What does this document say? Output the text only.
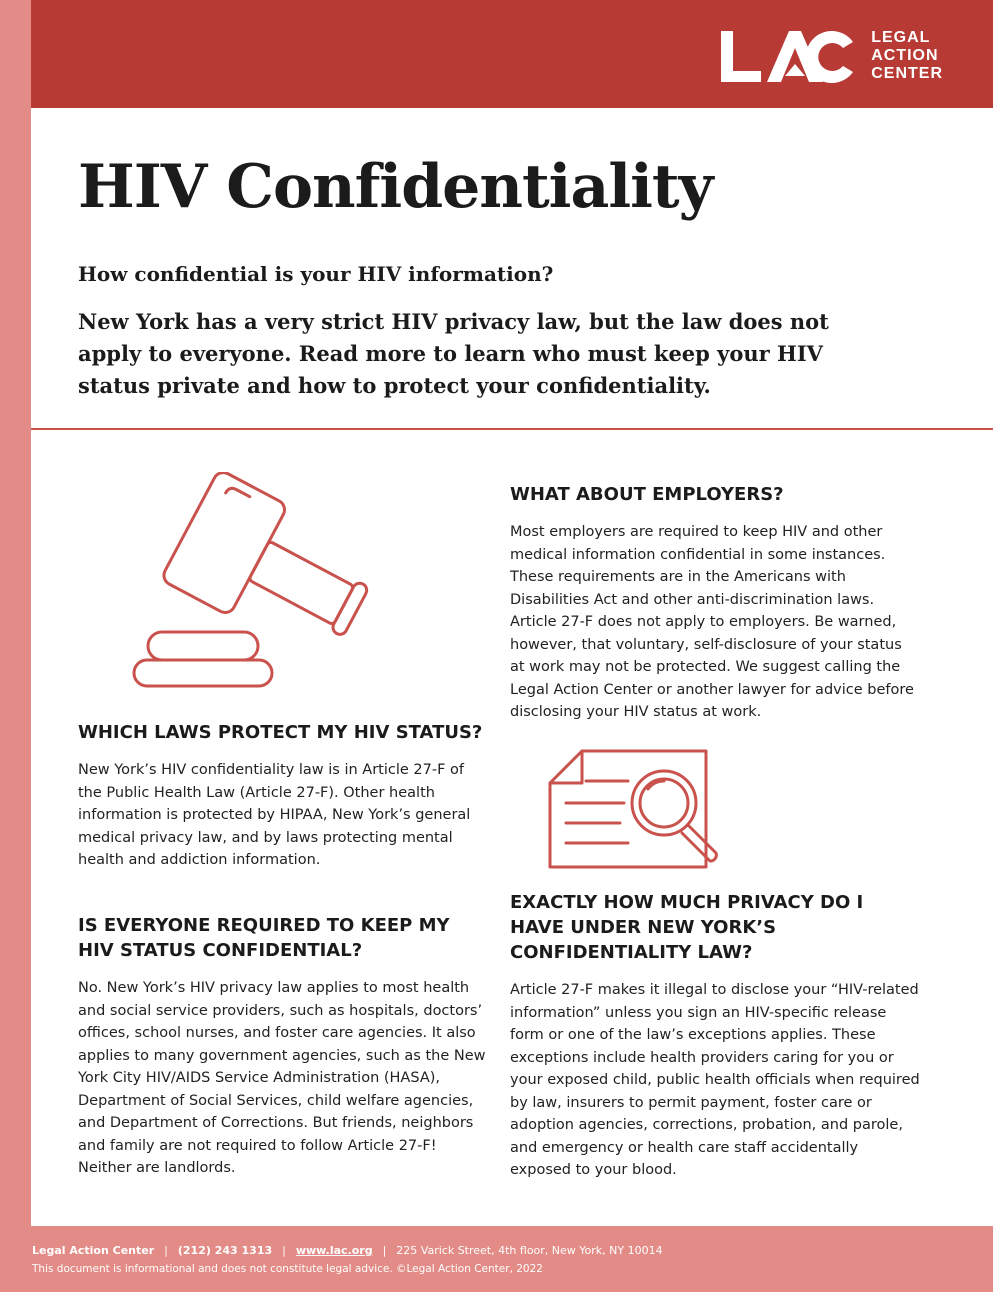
LEGAL
ACTION
CENTER
HIV Confidentiality

How confidential is your HIV information?

New York has a very strict HIV privacy law, but the law does not apply to everyone. Read more to learn who must keep your HIV status private and how to protect your confidentiality.

WHICH LAWS PROTECT MY HIV STATUS?

New York’s HIV confidentiality law is in Article 27-F of the Public Health Law (Article 27-F). Other health information is protected by HIPAA, New York’s general medical privacy law, and by laws protecting mental health and addiction information.

IS EVERYONE REQUIRED TO KEEP MY HIV STATUS CONFIDENTIAL?

No. New York’s HIV privacy law applies to most health and social service providers, such as hospitals, doctors’ offices, school nurses, and foster care agencies. It also applies to many government agencies, such as the New York City HIV/AIDS Service Administration (HASA), Department of Social Services, child welfare agencies, and Department of Corrections. But friends, neighbors and family are not required to follow Article 27-F! Neither are landlords.

WHAT ABOUT EMPLOYERS?

Most employers are required to keep HIV and other medical information confidential in some instances. These requirements are in the Americans with Disabilities Act and other anti-discrimination laws. Article 27-F does not apply to employers. Be warned, however, that voluntary, self-disclosure of your status at work may not be protected. We suggest calling the Legal Action Center or another lawyer for advice before disclosing your HIV status at work.

EXACTLY HOW MUCH PRIVACY DO I HAVE UNDER NEW YORK’S CONFIDENTIALITY LAW?

Article 27-F makes it illegal to disclose your “HIV-related information” unless you sign an HIV-specific release form or one of the law’s exceptions applies. These exceptions include health providers caring for you or your exposed child, public health officials when required by law, insurers to permit payment, foster care or adoption agencies, corrections, probation, and parole, and emergency or health care staff accidentally exposed to your blood.

Legal Action Center | (212) 243 1313 | www.lac.org | 225 Varick Street, 4th floor, New York, NY 10014
This document is informational and does not constitute legal advice. ©Legal Action Center, 2022
